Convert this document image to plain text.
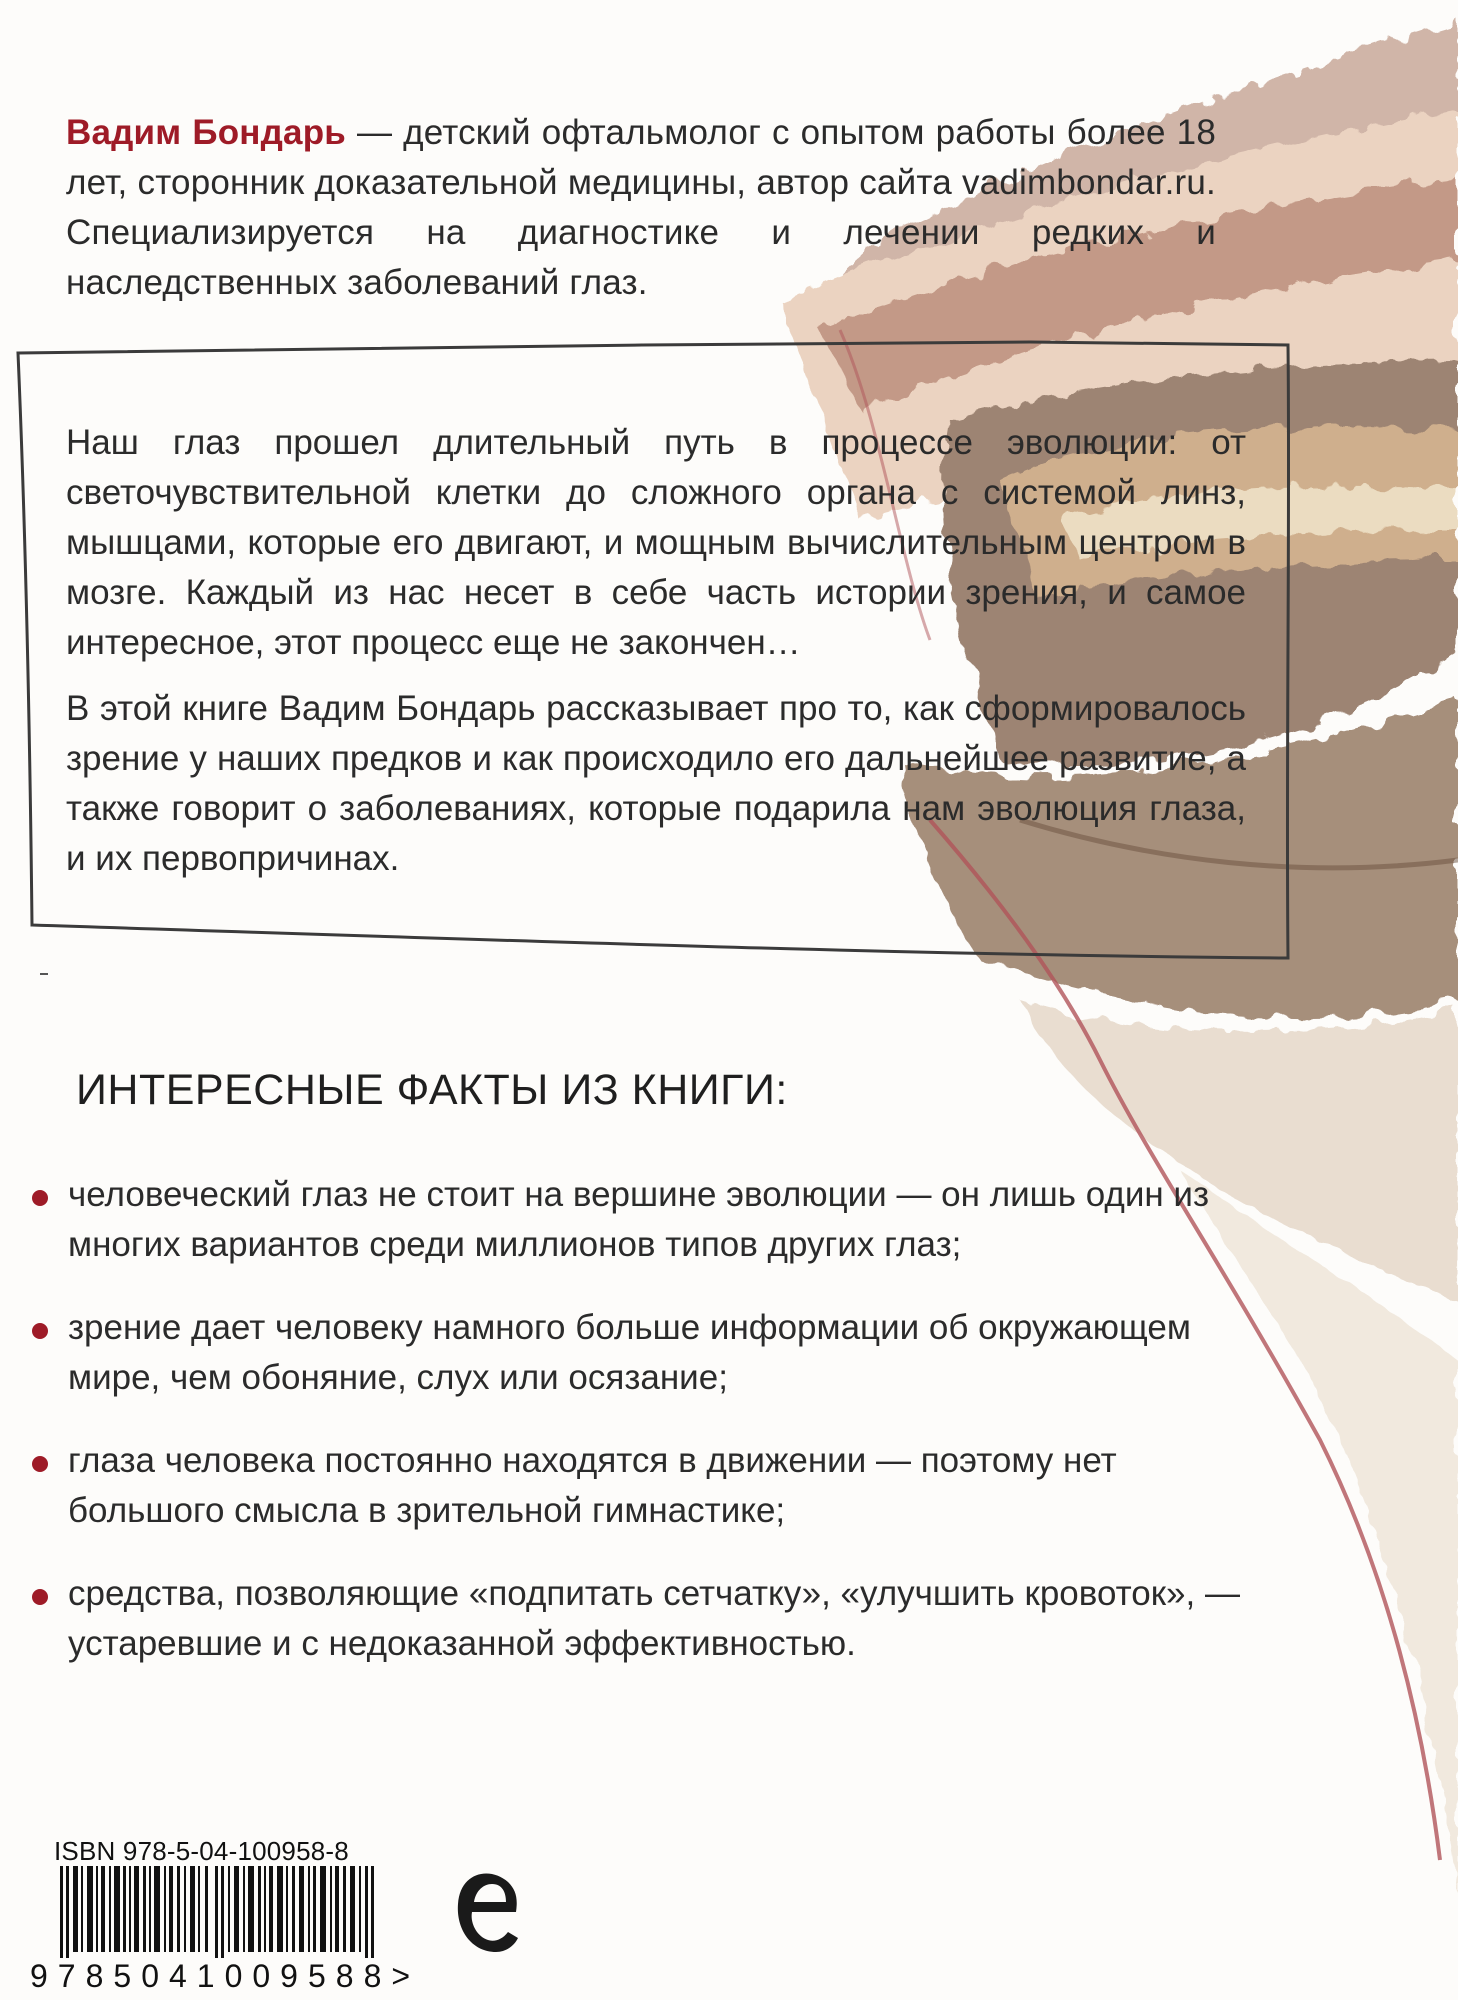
Вадим Бондарь — детский офтальмолог с опытом работы более 18 лет, сторонник доказательной медицины, автор сайта vadimbondar.ru. Специализируется на диагностике и лечении редких и наследственных заболеваний глаз.

Наш глаз прошел длительный путь в процессе эволюции: от светочувствительной клетки до сложного органа с системой линз, мышцами, которые его двигают, и мощным вычислительным центром в мозге. Каждый из нас несет в себе часть истории зрения, и самое интересное, этот процесс еще не закончен…

В этой книге Вадим Бондарь рассказывает про то, как сформировалось зрение у наших предков и как происходило его дальнейшее развитие, а также говорит о заболеваниях, которые подарила нам эволюция глаза, и их первопричинах.

ИНТЕРЕСНЫЕ ФАКТЫ ИЗ КНИГИ:
человеческий глаз не стоит на вершине эволюции — он лишь один из многих вариантов среди миллионов типов других глаз;
зрение дает человеку намного больше информации об окружающем мире, чем обоняние, слух или осязание;
глаза человека постоянно находятся в движении — поэтому нет большого смысла в зрительной гимнастике;
средства, позволяющие «подпитать сетчатку», «улучшить кровоток», — устаревшие и с недоказанной эффективностью.
ISBN 978-5-04-100958-8
9785041009588>
